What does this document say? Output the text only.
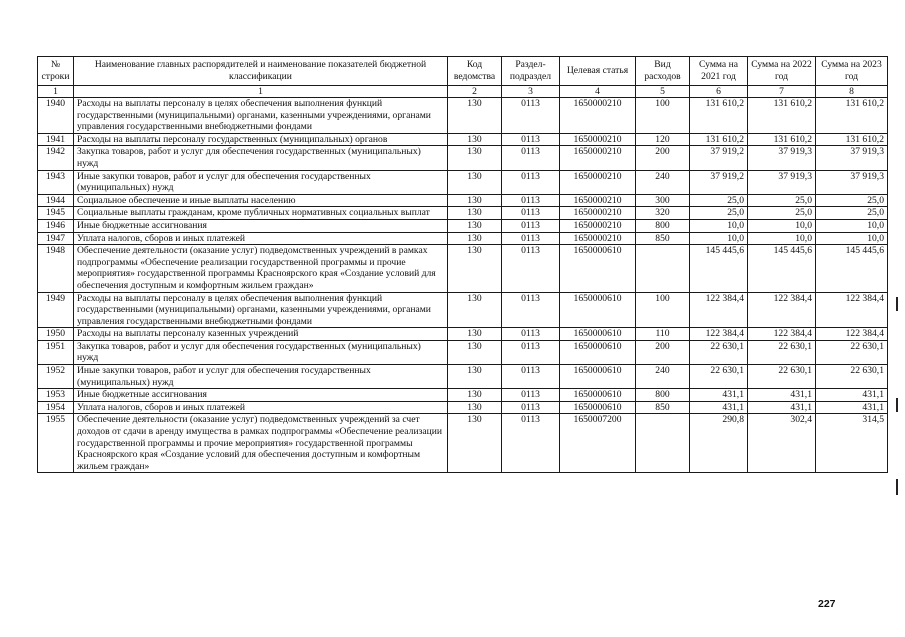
№ строки	Наименование главных распорядителей и наименование показателей бюджетной классификации	Код ведомства	Раздел- подраздел	Целевая статья	Вид расходов	Сумма на 2021 год	Сумма на 2022 год	Сумма на 2023 год
1	1	2	3	4	5	6	7	8
1940	Расходы на выплаты персоналу в целях обеспечения выполнения функций государственными (муниципальными) органами, казенными учреждениями, органами управления государственными внебюджетными фондами	130	0113	1650000210	100	131 610,2	131 610,2	131 610,2
1941	Расходы на выплаты персоналу государственных (муниципальных) органов	130	0113	1650000210	120	131 610,2	131 610,2	131 610,2
1942	Закупка товаров, работ и услуг для обеспечения государственных (муниципальных) нужд	130	0113	1650000210	200	37 919,2	37 919,3	37 919,3
1943	Иные закупки товаров, работ и услуг для обеспечения государственных (муниципальных) нужд	130	0113	1650000210	240	37 919,2	37 919,3	37 919,3
1944	Социальное обеспечение и иные выплаты населению	130	0113	1650000210	300	25,0	25,0	25,0
1945	Социальные выплаты гражданам, кроме публичных нормативных социальных выплат	130	0113	1650000210	320	25,0	25,0	25,0
1946	Иные бюджетные ассигнования	130	0113	1650000210	800	10,0	10,0	10,0
1947	Уплата налогов, сборов и иных платежей	130	0113	1650000210	850	10,0	10,0	10,0
1948	Обеспечение деятельности (оказание услуг) подведомственных учреждений в рамках подпрограммы «Обеспечение реализации государственной программы и прочие мероприятия» государственной программы Красноярского края «Создание условий для обеспечения доступным и комфортным жильем граждан»	130	0113	1650000610		145 445,6	145 445,6	145 445,6
1949	Расходы на выплаты персоналу в целях обеспечения выполнения функций государственными (муниципальными) органами, казенными учреждениями, органами управления государственными внебюджетными фондами	130	0113	1650000610	100	122 384,4	122 384,4	122 384,4
1950	Расходы на выплаты персоналу казенных учреждений	130	0113	1650000610	110	122 384,4	122 384,4	122 384,4
1951	Закупка товаров, работ и услуг для обеспечения государственных (муниципальных) нужд	130	0113	1650000610	200	22 630,1	22 630,1	22 630,1
1952	Иные закупки товаров, работ и услуг для обеспечения государственных (муниципальных) нужд	130	0113	1650000610	240	22 630,1	22 630,1	22 630,1
1953	Иные бюджетные ассигнования	130	0113	1650000610	800	431,1	431,1	431,1
1954	Уплата налогов, сборов и иных платежей	130	0113	1650000610	850	431,1	431,1	431,1
1955	Обеспечение деятельности (оказание услуг) подведомственных учреждений за счет доходов от сдачи в аренду имущества в рамках подпрограммы «Обеспечение реализации государственной программы и прочие мероприятия» государственной программы Красноярского края «Создание условий для обеспечения доступным и комфортным жильем граждан»	130	0113	1650007200		290,8	302,4	314,5
227
